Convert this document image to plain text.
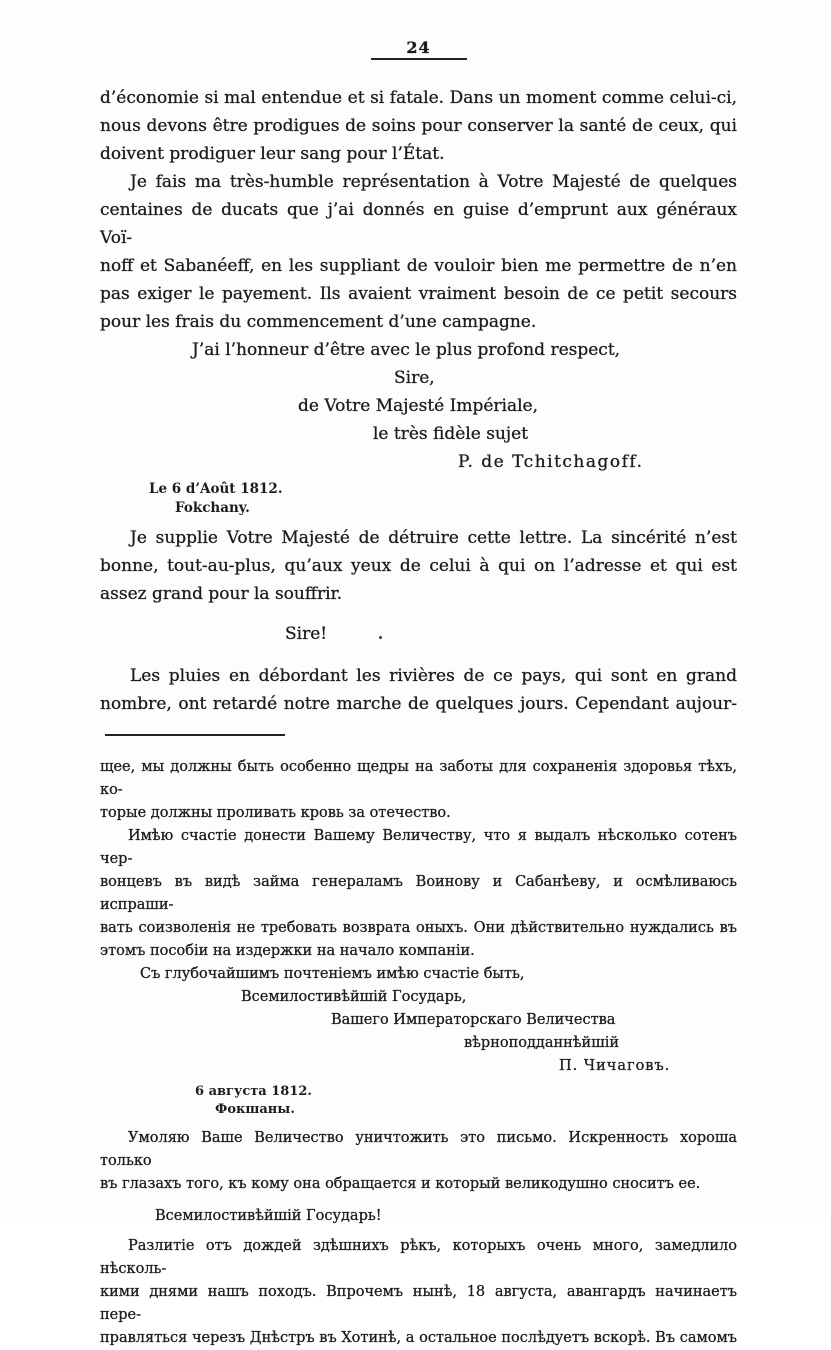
24
d’économie si mal entendue et si fatale. Dans un moment comme celui-ci,
nous devons être prodigues de soins pour conserver la santé de ceux, qui
doivent prodiguer leur sang pour l’État.
Je fais ma très-humble représentation à Votre Majesté de quelques
centaines de ducats que j’ai donnés en guise d’emprunt aux généraux Voï-
noff et Sabanéeff, en les suppliant de vouloir bien me permettre de n’en
pas exiger le payement. Ils avaient vraiment besoin de ce petit secours
pour les frais du commencement d’une campagne.
J’ai l’honneur d’être avec le plus profond respect,
Sire,
de Votre Majesté Impériale,
le très fidèle sujet
P. de Tchitchagoff.
Le 6 d’Août 1812.
Fokchany.
Je supplie Votre Majesté de détruire cette lettre. La sincérité n’est
bonne, tout-au-plus, qu’aux yeux de celui à qui on l’adresse et qui est
assez grand pour la souffrir.
Sire!
Les pluies en débordant les rivières de ce pays, qui sont en grand
nombre, ont retardé notre marche de quelques jours. Cependant aujour-
щее, мы должны быть особенно щедры на заботы для сохраненія здоровья тѣхъ, ко-
торые должны проливать кровь за отечество.
Имѣю счастіе донести Вашему Величеству, что я выдалъ нѣсколько сотенъ чер-
вонцевъ въ видѣ займа генераламъ Воинову и Сабанѣеву, и осмѣливаюсь испраши-
вать соизволенія не требовать возврата оныхъ. Они дѣйствительно нуждались въ
этомъ пособіи на издержки на начало компаніи.
Съ глубочайшимъ почтеніемъ имѣю счастіе быть,
Всемилостивѣйшій Государь,
Вашего Императорскаго Величества
вѣрноподданнѣйшій
П. Чичаговъ.
6 августа 1812.
Фокшаны.
Умоляю Ваше Величество уничтожить это письмо. Искренность хороша только
въ глазахъ того, къ кому она обращается и который великодушно сноситъ ее.
Всемилостивѣйшій Государь!
Разлитіе отъ дождей здѣшнихъ рѣкъ, которыхъ очень много, замедлило нѣсколь-
кими днями нашъ походъ. Впрочемъ нынѣ, 18 августа, авангардъ начинаетъ пере-
правляться черезъ Днѣстръ въ Хотинѣ, а остальное послѣдуетъ вскорѣ. Въ самомъ
